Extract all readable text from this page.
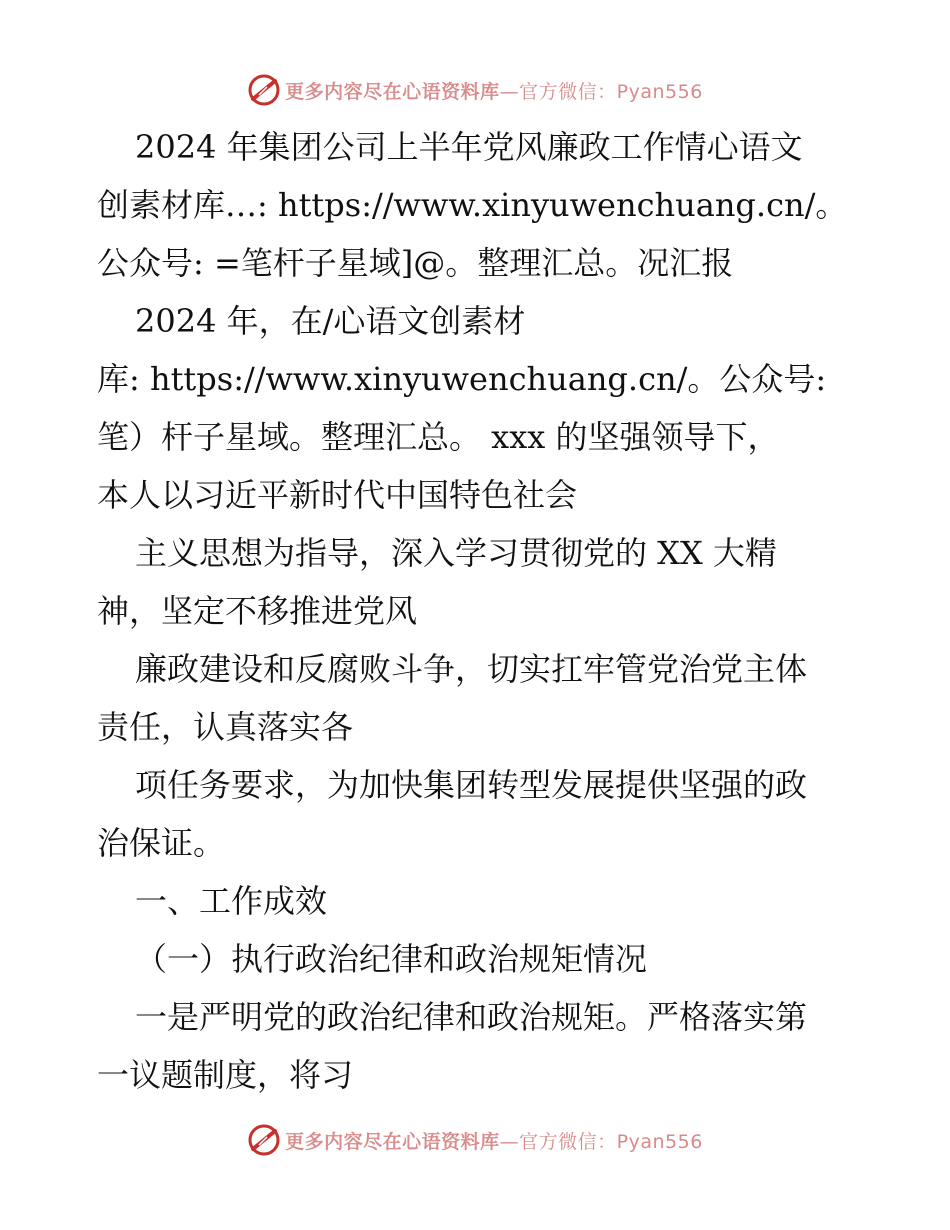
更多内容尽在心语资料库—官方微信：Pyan556
2024 年集团公司上半年党风廉政工作情心语文
创素材库…: https://www.xinyuwenchuang.cn/。
公众号: =笔杆子星域]@。整理汇总。况汇报
2024 年，在/心语文创素材
库: https://www.xinyuwenchuang.cn/。公众号:
笔）杆子星域。整理汇总。 xxx 的坚强领导下，
本人以习近平新时代中国特色社会
主义思想为指导，深入学习贯彻党的 XX 大精
神，坚定不移推进党风
廉政建设和反腐败斗争，切实扛牢管党治党主体
责任，认真落实各
项任务要求，为加快集团转型发展提供坚强的政
治保证。
一、工作成效
（一）执行政治纪律和政治规矩情况
一是严明党的政治纪律和政治规矩。严格落实第
一议题制度，将习
更多内容尽在心语资料库—官方微信：Pyan556
